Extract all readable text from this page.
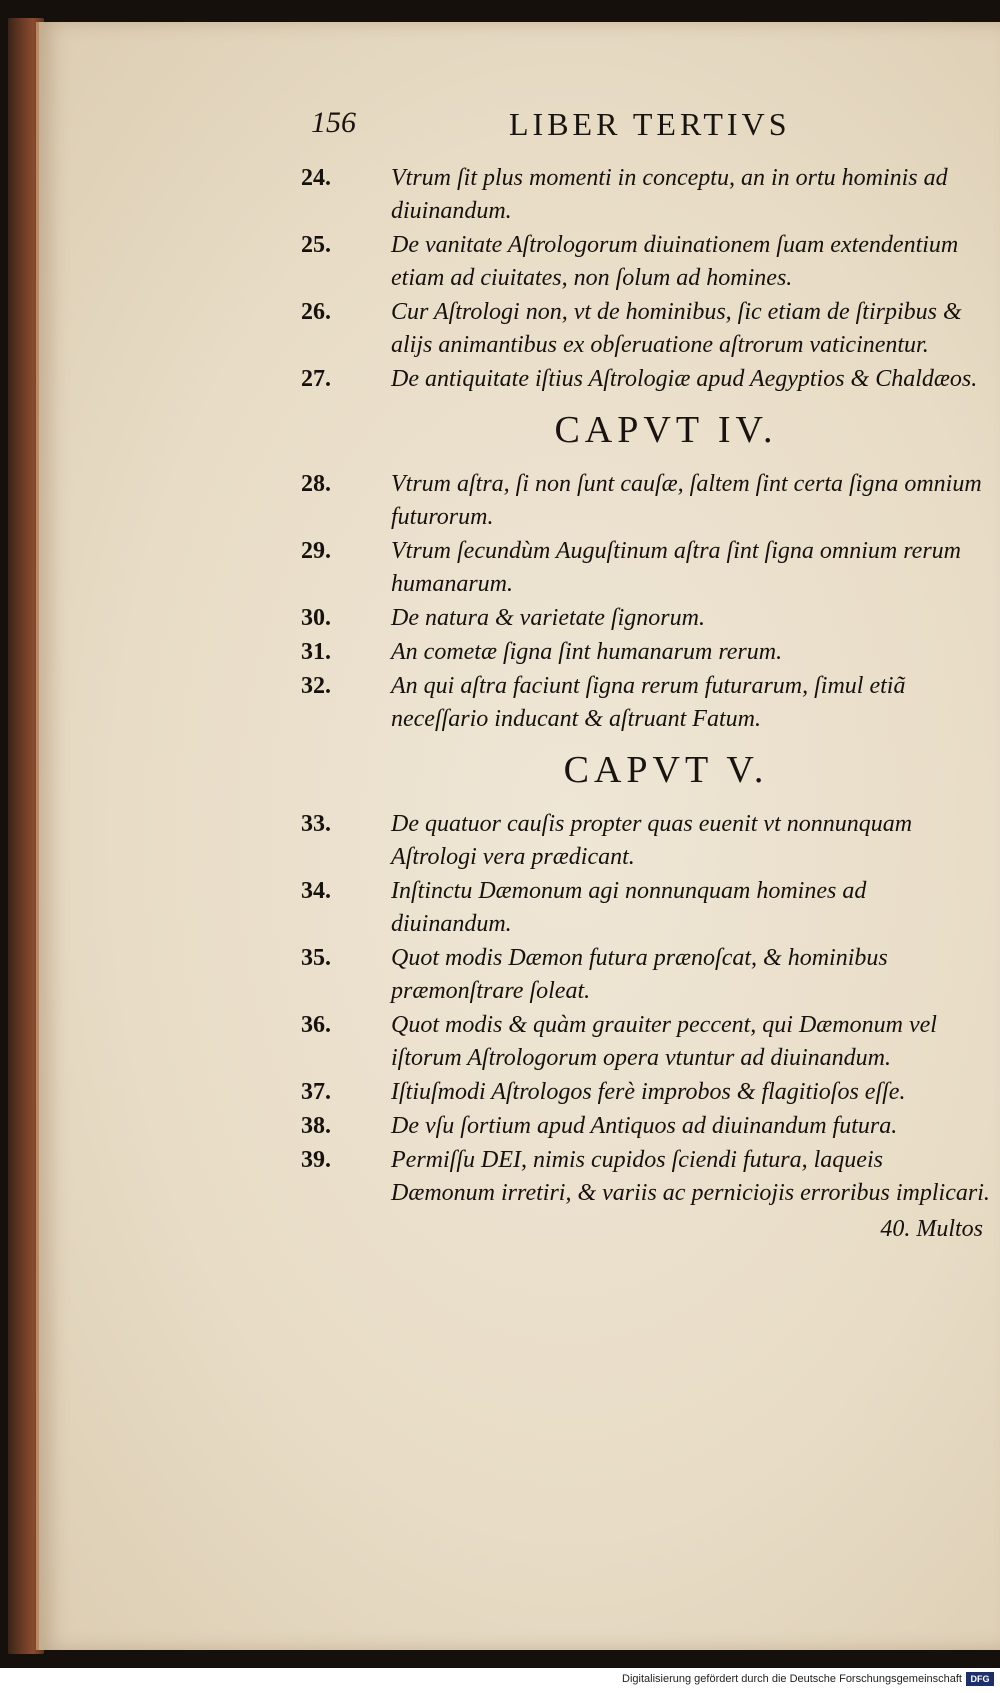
156	LIBER TERTIVS
24.	Vtrum ſit plus momenti in conceptu, an in ortu hominis ad diuinandum.
25.	De vanitate Aſtrologorum diuinationem ſuam extendentium etiam ad ciuitates, non ſolum ad homines.
26.	Cur Aſtrologi non, vt de hominibus, ſic etiam de ſtirpibus & alijs animantibus ex obſeruatione aſtrorum vaticinentur.
27.	De antiquitate iſtius Aſtrologiæ apud Aegyptios & Chaldæos.
CAPVT IV.
28.	Vtrum aſtra, ſi non ſunt cauſæ, ſaltem ſint certa ſigna omnium futurorum.
29.	Vtrum ſecundùm Auguſtinum aſtra ſint ſigna omnium rerum humanarum.
30.	De natura & varietate ſignorum.
31.	An cometæ ſigna ſint humanarum rerum.
32.	An qui aſtra faciunt ſigna rerum futurarum, ſimul etiã neceſſario inducant & aſtruant Fatum.
CAPVT V.
33.	De quatuor cauſis propter quas euenit vt nonnunquam Aſtrologi vera prædicant.
34.	Inſtinctu Dæmonum agi nonnunquam homines ad diuinandum.
35.	Quot modis Dæmon futura prænoſcat, & hominibus præmonſtrare ſoleat.
36.	Quot modis & quàm grauiter peccent, qui Dæmonum vel iſtorum Aſtrologorum opera vtuntur ad diuinandum.
37.	Iſtiuſmodi Aſtrologos ferè improbos & flagitioſos eſſe.
38.	De vſu ſortium apud Antiquos ad diuinandum futura.
39.	Permiſſu DEI, nimis cupidos ſciendi futura, laqueis Dæmonum irretiri, & variis ac perniciojis erroribus implicari.
40. Multos
Digitalisierung gefördert durch die Deutsche Forschungsgemeinschaft DFG
